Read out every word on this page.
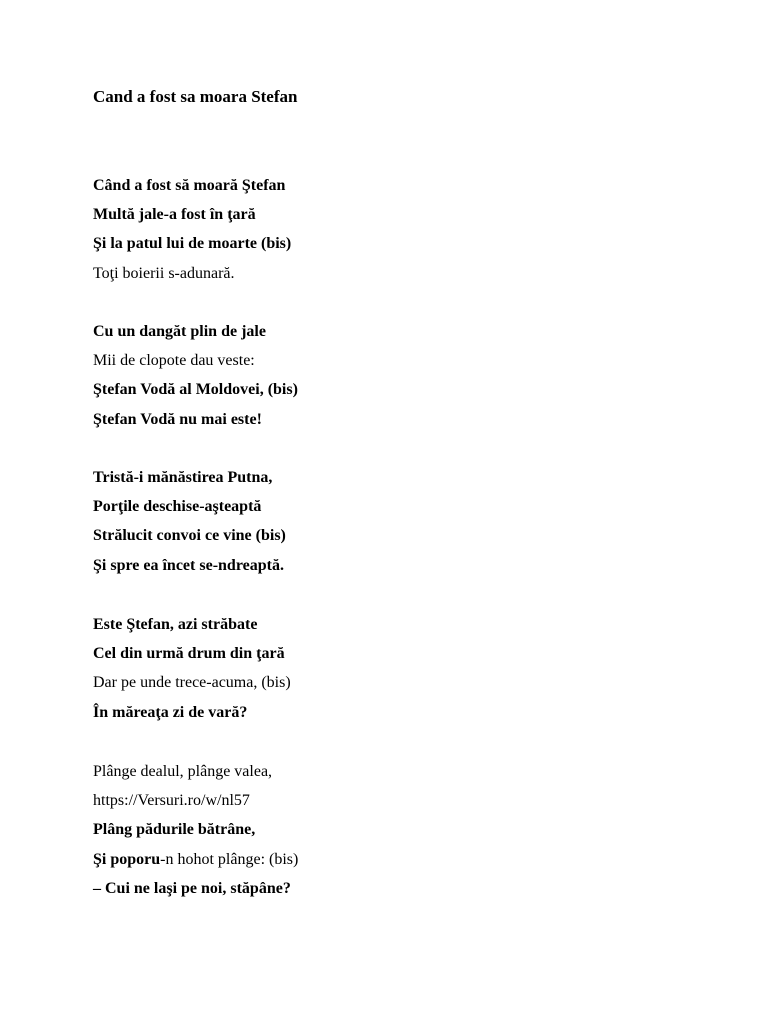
Cand a fost sa moara Stefan
Când a fost să moară Ştefan
Multă jale-a fost în ţară
Şi la patul lui de moarte (bis)
Toţi boierii s-adunară.
Cu un dangăt plin de jale
Mii de clopote dau veste:
Ştefan Vodă al Moldovei, (bis)
Ştefan Vodă nu mai este!
Tristă-i mănăstirea Putna,
Porţile deschise-aşteaptă
Strălucit convoi ce vine (bis)
Şi spre ea încet se-ndreaptă.
Este Ştefan, azi străbate
Cel din urmă drum din ţară
Dar pe unde trece-acuma, (bis)
În măreaţa zi de vară?
Plânge dealul, plânge valea,
https://Versuri.ro/w/nl57
Plâng pădurile bătrâne,
Şi poporu-n hohot plânge: (bis)
– Cui ne laşi pe noi, stăpâne?
